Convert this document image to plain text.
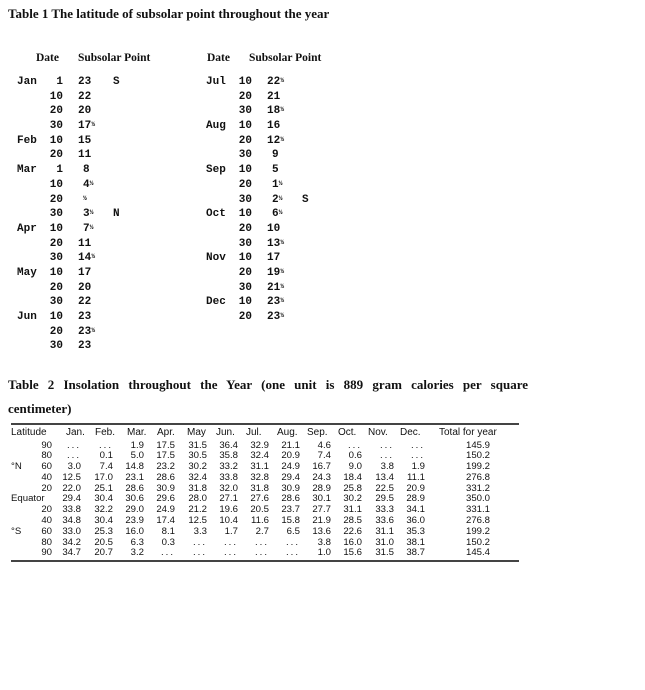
Table 1 The latitude of subsolar point throughout the year
Date Subsolar Point	Date Subsolar Point
Jan	1 23 S
10 22
20 20
30 17½
Feb	10 15
20 11
Mar	1 8
10 4½
20	½
30 3½ N
Apr	10 7½
20 11
30 14½
May	10 17
20 20
30 22
Jun	10 23
20 23½
30 23
Jul	10 22½
20 21
30 18½
Aug	10 16
20 12½
30 9
Sep	10 5
20 1½
30 2½ S
Oct	10 6½
20 10
30 13½
Nov	10 17
20 19½
30 21½
Dec	10 23½
20 23½
Table 2 Insolation throughout the Year (one unit is 889 gram calories per square
centimeter)
Latitude Jan. Feb. Mar. Apr. May Jun. Jul. Aug. Sep. Oct. Nov. Dec. Total for year
90 ... ... 1.9 17.5 31.5 36.4 32.9 21.1 4.6 ... ... ...	145.9
80 ... 0.1 5.0 17.5 30.5 35.8 32.4 20.9 7.4 0.6 ... ...	150.2
°N 60 3.0 7.4 14.8 23.2 30.2 33.2 31.1 24.9 16.7 9.0 3.8 1.9	199.2
40 12.5 17.0 23.1 28.6 32.4 33.8 32.8 29.4 24.3 18.4 13.4 11.1	276.8
20 22.0 25.1 28.6 30.9 31.8 32.0 31.8 30.9 28.9 25.8 22.5 20.9	331.2
Equator 29.4 30.4 30.6 29.6 28.0 27.1 27.6 28.6 30.1 30.2 29.5 28.9	350.0
20 33.8 32.2 29.0 24.9 21.2 19.6 20.5 23.7 27.7 31.1 33.3 34.1	331.1
40 34.8 30.4 23.9 17.4 12.5 10.4 11.6 15.8 21.9 28.5 33.6 36.0	276.8
°S 60 33.0 25.3 16.0 8.1 3.3 1.7 2.7 6.5 13.6 22.6 31.1 35.3	199.2
80 34.2 20.5 6.3 0.3 ... ... ... ... 3.8 16.0 31.0 38.1	150.2
90 34.7 20.7 3.2 ... ... ... ... ... 1.0 15.6 31.5 38.7	145.4
